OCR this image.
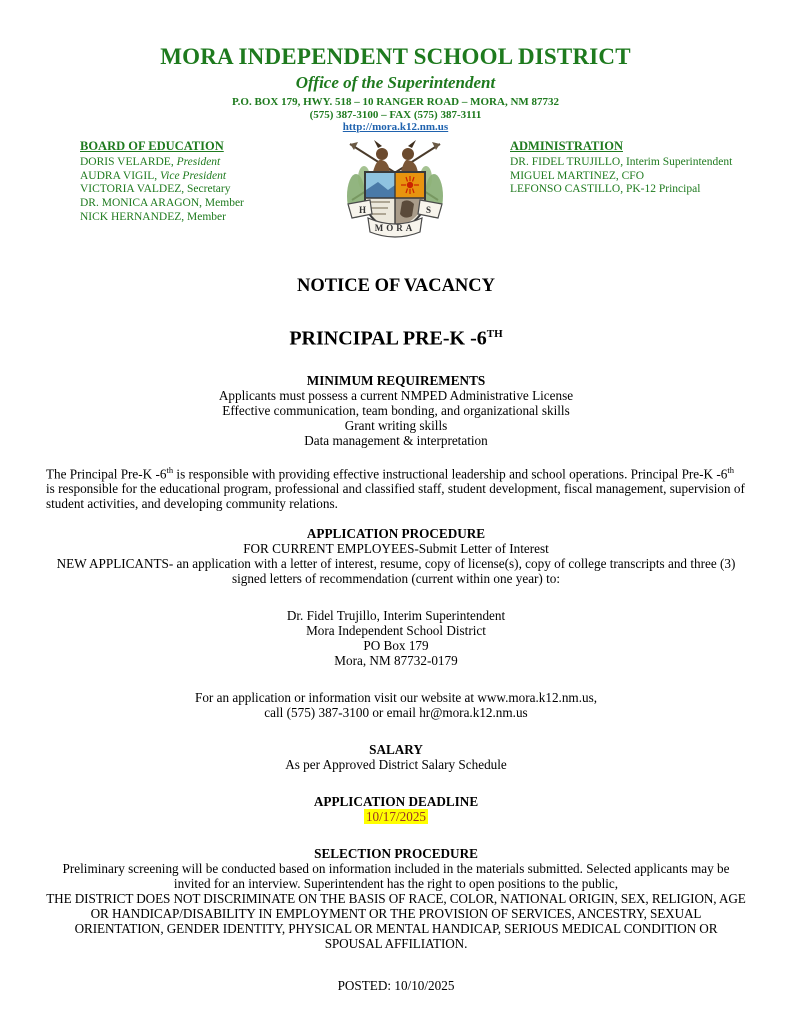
MORA INDEPENDENT SCHOOL DISTRICT
Office of the Superintendent
P.O. BOX 179, HWY. 518 – 10 RANGER ROAD – MORA, NM 87732
(575) 387-3100 – FAX (575) 387-3111
http://mora.k12.nm.us
BOARD OF EDUCATION
DORIS VELARDE, President
AUDRA VIGIL, Vice President
VICTORIA VALDEZ, Secretary
DR. MONICA ARAGON, Member
NICK HERNANDEZ, Member
H	S
MORA
ADMINISTRATION
DR. FIDEL TRUJILLO, Interim Superintendent
MIGUEL MARTINEZ, CFO
LEFONSO CASTILLO, PK-12 Principal
NOTICE OF VACANCY
PRINCIPAL PRE-K -6TH
MINIMUM REQUIREMENTS
Applicants must possess a current NMPED Administrative License
Effective communication, team bonding, and organizational skills
Grant writing skills
Data management & interpretation
The Principal Pre-K -6th is responsible with providing effective instructional leadership and school operations. Principal Pre-K -6th is responsible for the educational program, professional and classified staff, student development, fiscal management, supervision of student activities, and developing community relations.
APPLICATION PROCEDURE
FOR CURRENT EMPLOYEES-Submit Letter of Interest
NEW APPLICANTS- an application with a letter of interest, resume, copy of license(s), copy of college transcripts and three (3) signed letters of recommendation (current within one year) to:
Dr. Fidel Trujillo, Interim Superintendent
Mora Independent School District
PO Box 179
Mora, NM 87732-0179
For an application or information visit our website at www.mora.k12.nm.us,
call (575) 387-3100 or email hr@mora.k12.nm.us
SALARY
As per Approved District Salary Schedule
APPLICATION DEADLINE
10/17/2025
SELECTION PROCEDURE
Preliminary screening will be conducted based on information included in the materials submitted. Selected applicants may be invited for an interview. Superintendent has the right to open positions to the public,
THE DISTRICT DOES NOT DISCRIMINATE ON THE BASIS OF RACE, COLOR, NATIONAL ORIGIN, SEX, RELIGION, AGE OR HANDICAP/DISABILITY IN EMPLOYMENT OR THE PROVISION OF SERVICES, ANCESTRY, SEXUAL ORIENTATION, GENDER IDENTITY, PHYSICAL OR MENTAL HANDICAP, SERIOUS MEDICAL CONDITION OR SPOUSAL AFFILIATION.
POSTED: 10/10/2025
